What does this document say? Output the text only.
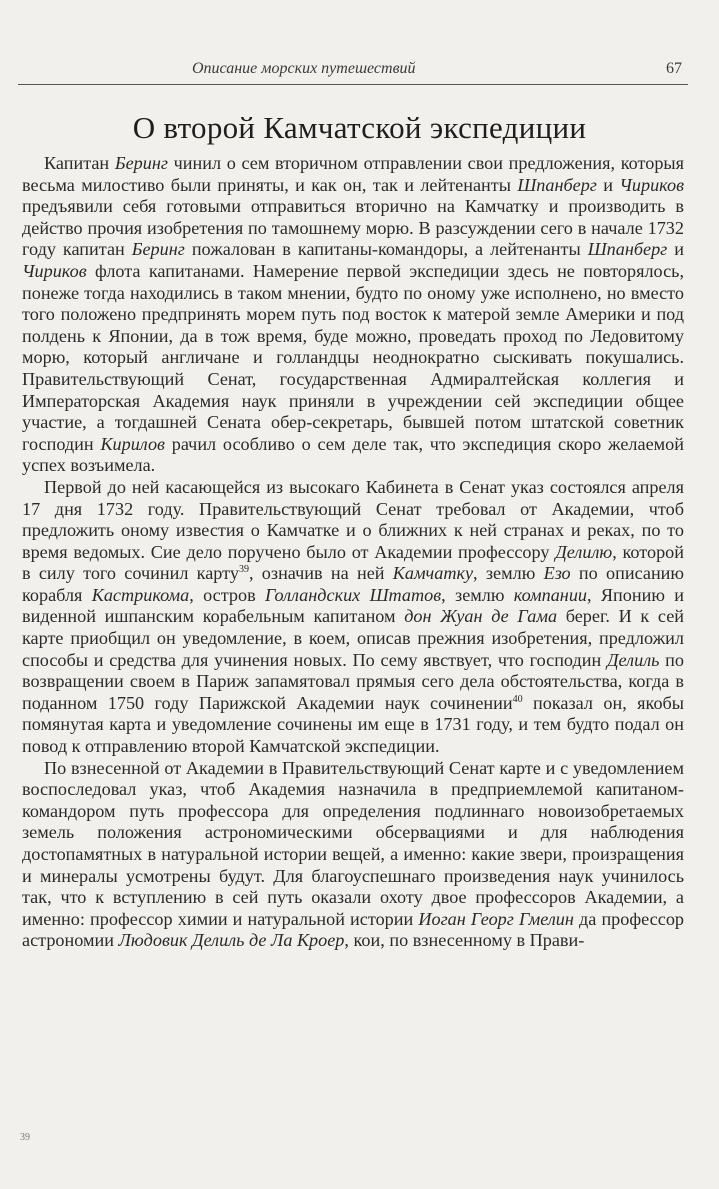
Описание морских путешествий	67
О второй Камчатской экспедиции

Капитан Беринг чинил о сем вторичном отправлении свои предложения, которыя весьма милостиво были приняты, и как он, так и лейтенанты Шпанберг и Чириков предъявили себя готовыми отправиться вторично на Камчатку и производить в действо прочия изобретения по тамошнему морю. В разсуждении сего в начале 1732 году капитан Беринг пожалован в капитаны-командоры, а лейтенанты Шпанберг и Чириков флота капитанами. Намерение первой экспедиции здесь не повторялось, понеже тогда находились в таком мнении, будто по оному уже исполнено, но вместо того положено предпринять морем путь под восток к матерой земле Америки и под полдень к Японии, да в тож время, буде можно, проведать проход по Ледовитому морю, который англичане и голландцы неоднократно сыскивать покушались. Правительствующий Сенат, государственная Адмиралтейская коллегия и Императорская Академия наук приняли в учреждении сей экспедиции общее участие, а тогдашней Сената обер-секретарь, бывшей потом штатской советник господин Кирилов рачил особливо о сем деле так, что экспедиция скоро желаемой успех возъимела.

Первой до ней касающейся из высокаго Кабинета в Сенат указ состоялся апреля 17 дня 1732 году. Правительствующий Сенат требовал от Академии, чтоб предложить оному известия о Камчатке и о ближних к ней странах и реках, по то время ведомых. Сие дело поручено было от Академии профессору Делилю, которой в силу того сочинил карту$^{39}$, означив на ней Камчатку, землю Езо по описанию корабля Кастрикома, остров Голландских Штатов, землю компании, Японию и виденной ишпанским корабельным капитаном дон Жуан де Гама берег. И к сей карте приобщил он уведомление, в коем, описав прежния изобретения, предложил способы и средства для учинения новых. По сему явствует, что господин Делиль по возвращении своем в Париж запамятовал прямыя сего дела обстоятельства, когда в поданном 1750 году Парижской Академии наук сочинении$^{40}$ показал он, якобы помянутая карта и уведомление сочинены им еще в 1731 году, и тем будто подал он повод к отправлению второй Камчатской экспедиции.

По взнесенной от Академии в Правительствующий Сенат карте и с уведомлением воспоследовал указ, чтоб Академия назначила в предприемлемой капитаном-командором путь профессора для определения подлиннаго новоизобретаемых земель положения астрономическими обсервациями и для наблюдения достопамятных в натуральной истории вещей, а именно: какие звери, произращения и минералы усмотрены будут. Для благоуспешнаго произведения наук учинилось так, что к вступлению в сей путь оказали охоту двое профессоров Академии, а именно: профессор химии и натуральной истории Иоган Георг Гмелин да профессор астрономии Людовик Делиль де Ла Кроер, кои, по взнесенному в Прави-

39
